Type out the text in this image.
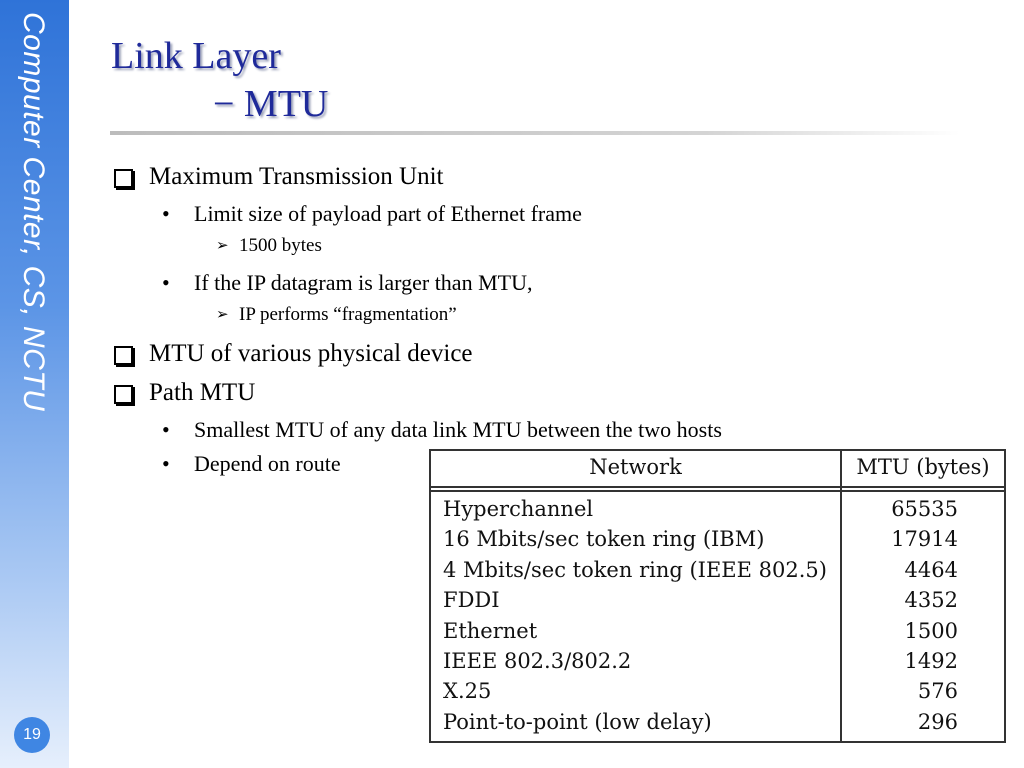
Computer Center, CS, NCTU
19
Link Layer
− MTU
Maximum Transmission Unit
• Limit size of payload part of Ethernet frame
➢ 1500 bytes
• If the IP datagram is larger than MTU,
➢ IP performs “fragmentation”
MTU of various physical device
Path MTU
• Smallest MTU of any data link MTU between the two hosts
• Depend on route	Network	MTU (bytes)
Hyperchannel	65535
16 Mbits/sec token ring (IBM)	17914
4 Mbits/sec token ring (IEEE 802.5)	4464
FDDI	4352
Ethernet	1500
IEEE 802.3/802.2	1492
X.25	576
Point-to-point (low delay)	296
